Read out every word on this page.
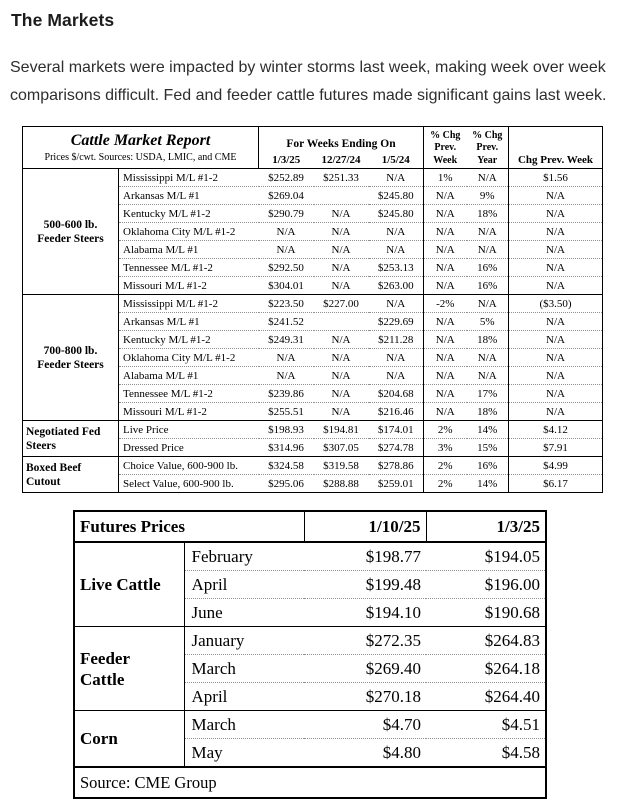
The Markets

Several markets were impacted by winter storms last week, making week over week comparisons difficult. Fed and feeder cattle futures made significant gains last week.

Cattle Market Report
Prices $/cwt. Sources: USDA, LMIC, and CME
	For Weeks Ending On	
% Chg
Prev.
Week

% Chg
Prev.
Year	Chg Prev. Week
		1/3/25	12/27/24	1/5/24			

500-600 lb.
Feeder Steers	Mississippi M/L #1-2	$252.89	$251.33	N/A	1%	N/A	$1.56
	Arkansas M/L #1	$269.04		$245.80	N/A	9%	N/A
	Kentucky M/L #1-2	$290.79	N/A	$245.80	N/A	18%	N/A
	Oklahoma City M/L #1-2	N/A	N/A	N/A	N/A	N/A	N/A
	Alabama M/L #1	N/A	N/A	N/A	N/A	N/A	N/A
	Tennessee M/L #1-2	$292.50	N/A	$253.13	N/A	16%	N/A
	Missouri M/L #1-2	$304.01	N/A	$263.00	N/A	16%	N/A

700-800 lb.
Feeder Steers	Mississippi M/L #1-2	$223.50	$227.00	N/A	-2%	N/A	($3.50)
	Arkansas M/L #1	$241.52		$229.69	N/A	5%	N/A
	Kentucky M/L #1-2	$249.31	N/A	$211.28	N/A	18%	N/A
	Oklahoma City M/L #1-2	N/A	N/A	N/A	N/A	N/A	N/A
	Alabama M/L #1	N/A	N/A	N/A	N/A	N/A	N/A
	Tennessee M/L #1-2	$239.86	N/A	$204.68	N/A	17%	N/A
	Missouri M/L #1-2	$255.51	N/A	$216.46	N/A	18%	N/A

Negotiated Fed
Steers	Live Price	$198.93	$194.81	$174.01	2%	14%	$4.12
	Dressed Price	$314.96	$307.05	$274.78	3%	15%	$7.91

Boxed Beef
Cutout	Choice Value, 600-900 lb.	$324.58	$319.58	$278.86	2%	16%	$4.99
	Select Value, 600-900 lb.	$295.06	$288.88	$259.01	2%	14%	$6.17
Futures Prices		1/10/25	1/3/25

Live Cattle	February	$198.77	$194.05
	April	$199.48	$196.00
	June	$194.10	$190.68

Feeder
Cattle	January	$272.35	$264.83
	March	$269.40	$264.18
	April	$270.18	$264.40

Corn	March	$4.70	$4.51
	May	$4.80	$4.58
Source: CME Group			
